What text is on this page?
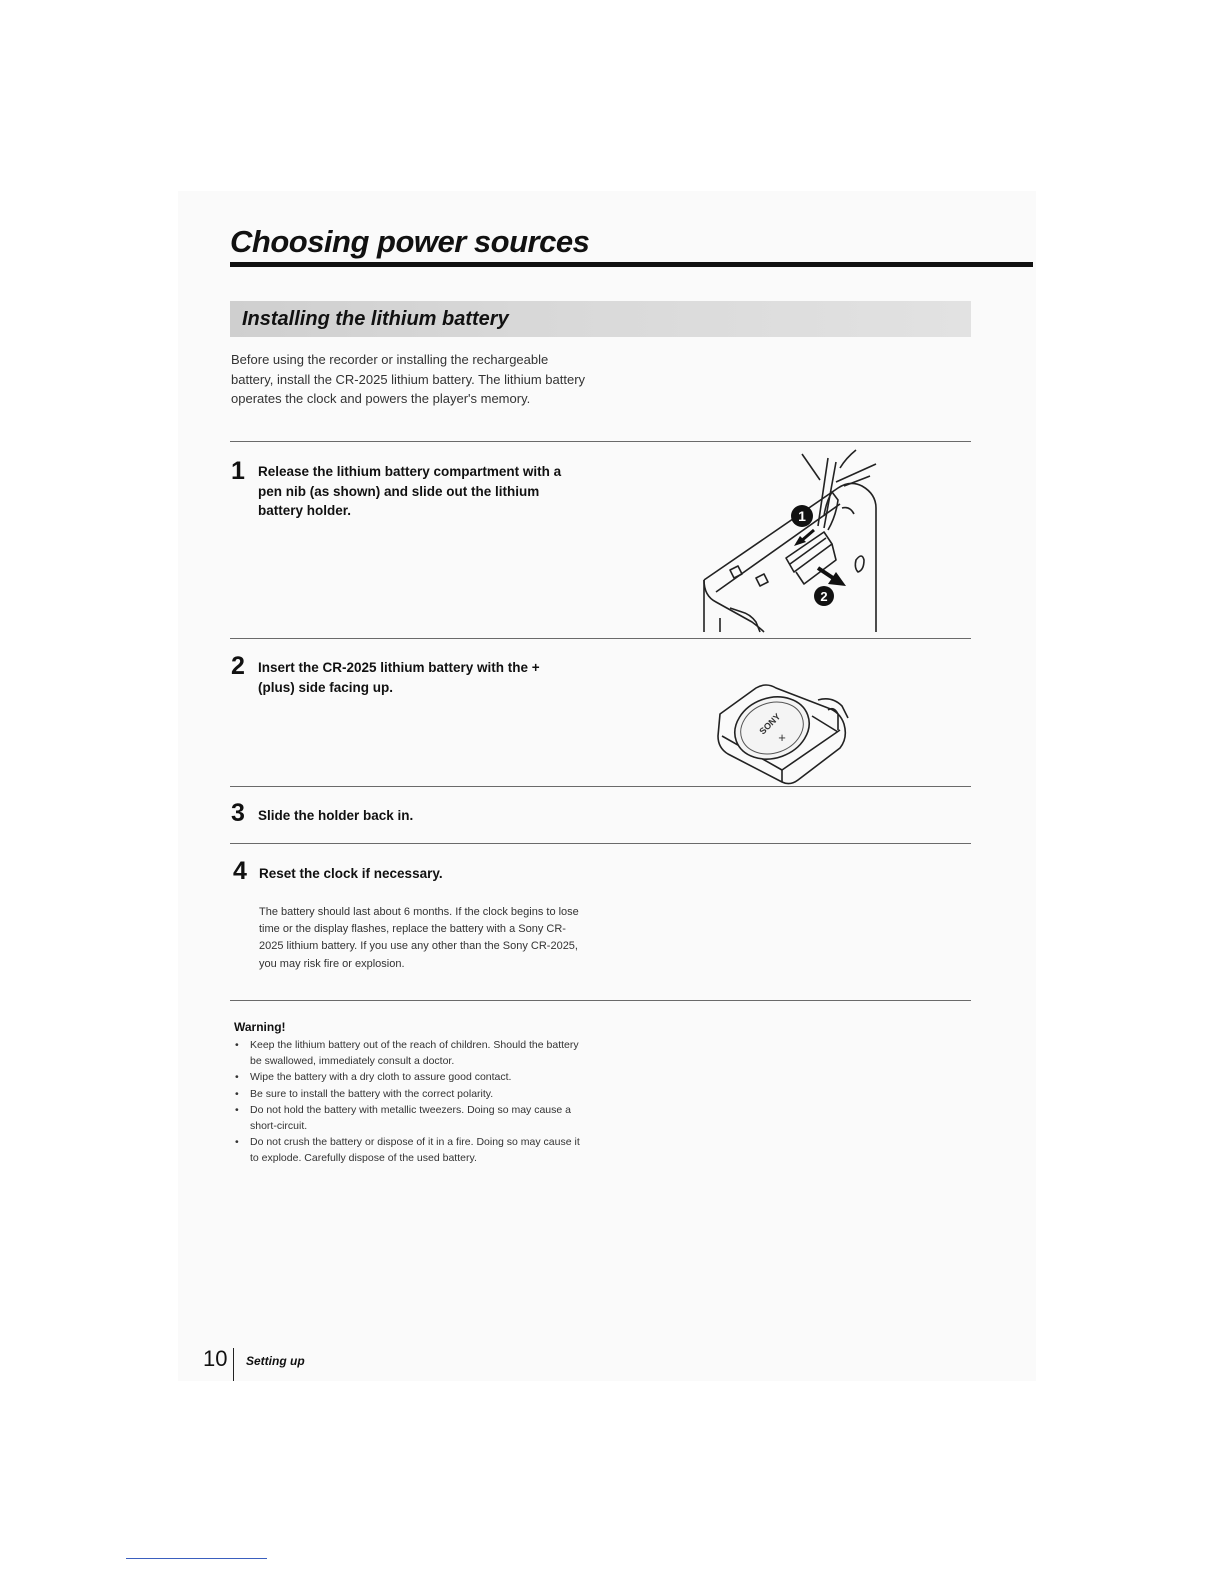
Choosing power sources
Installing the lithium battery

Before using the recorder or installing the rechargeable battery, install the CR-2025 lithium battery. The lithium battery operates the clock and powers the player's memory.

1 Release the lithium battery compartment with a pen nib (as shown) and slide out the lithium battery holder.	1
2
2 Insert the CR-2025 lithium battery with the + (plus) side facing up.
SONY
+
3 Slide the holder back in.
4 Reset the clock if necessary.
The battery should last about 6 months. If the clock begins to lose time or the display flashes, replace the battery with a Sony CR-2025 lithium battery. If you use any other than the Sony CR-2025, you may risk fire or explosion.
Warning!
• Keep the lithium battery out of the reach of children. Should the battery be swallowed, immediately consult a doctor.
• Wipe the battery with a dry cloth to assure good contact.
• Be sure to install the battery with the correct polarity.
• Do not hold the battery with metallic tweezers. Doing so may cause a short-circuit.
• Do not crush the battery or dispose of it in a fire. Doing so may cause it to explode. Carefully dispose of the used battery.
10 Setting up
